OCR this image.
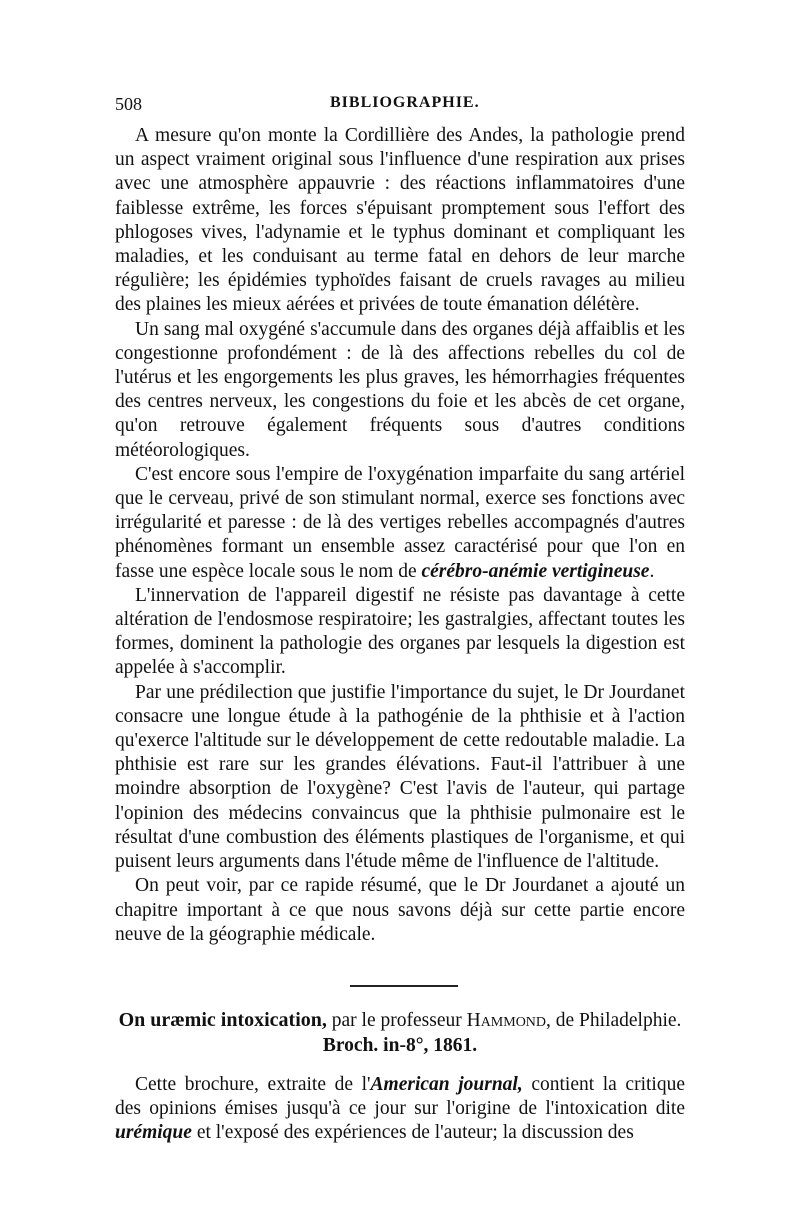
508	BIBLIOGRAPHIE.

A mesure qu'on monte la Cordillière des Andes, la pathologie prend un aspect vraiment original sous l'influence d'une respiration aux prises avec une atmosphère appauvrie : des réactions inflammatoires d'une faiblesse extrême, les forces s'épuisant promptement sous l'effort des phlogoses vives, l'adynamie et le typhus dominant et compliquant les maladies, et les conduisant au terme fatal en dehors de leur marche régulière; les épidémies typhoïdes faisant de cruels ravages au milieu des plaines les mieux aérées et privées de toute émanation délétère.

Un sang mal oxygéné s'accumule dans des organes déjà affaiblis et les congestionne profondément : de là des affections rebelles du col de l'utérus et les engorgements les plus graves, les hémorrhagies fréquentes des centres nerveux, les congestions du foie et les abcès de cet organe, qu'on retrouve également fréquents sous d'autres conditions météorologiques.

C'est encore sous l'empire de l'oxygénation imparfaite du sang artériel que le cerveau, privé de son stimulant normal, exerce ses fonctions avec irrégularité et paresse : de là des vertiges rebelles accompagnés d'autres phénomènes formant un ensemble assez caractérisé pour que l'on en fasse une espèce locale sous le nom de cérébro-anémie vertigineuse.

L'innervation de l'appareil digestif ne résiste pas davantage à cette altération de l'endosmose respiratoire; les gastralgies, affectant toutes les formes, dominent la pathologie des organes par lesquels la digestion est appelée à s'accomplir.

Par une prédilection que justifie l'importance du sujet, le Dr Jourdanet consacre une longue étude à la pathogénie de la phthisie et à l'action qu'exerce l'altitude sur le développement de cette redoutable maladie. La phthisie est rare sur les grandes élévations. Faut-il l'attribuer à une moindre absorption de l'oxygène? C'est l'avis de l'auteur, qui partage l'opinion des médecins convaincus que la phthisie pulmonaire est le résultat d'une combustion des éléments plastiques de l'organisme, et qui puisent leurs arguments dans l'étude même de l'influence de l'altitude.

On peut voir, par ce rapide résumé, que le Dr Jourdanet a ajouté un chapitre important à ce que nous savons déjà sur cette partie encore neuve de la géographie médicale.

On uræmic intoxication, par le professeur Hammond, de Philadelphie. Broch. in-8°, 1861.

Cette brochure, extraite de l'American journal, contient la critique des opinions émises jusqu'à ce jour sur l'origine de l'intoxication dite urémique et l'exposé des expériences de l'auteur; la discussion des
